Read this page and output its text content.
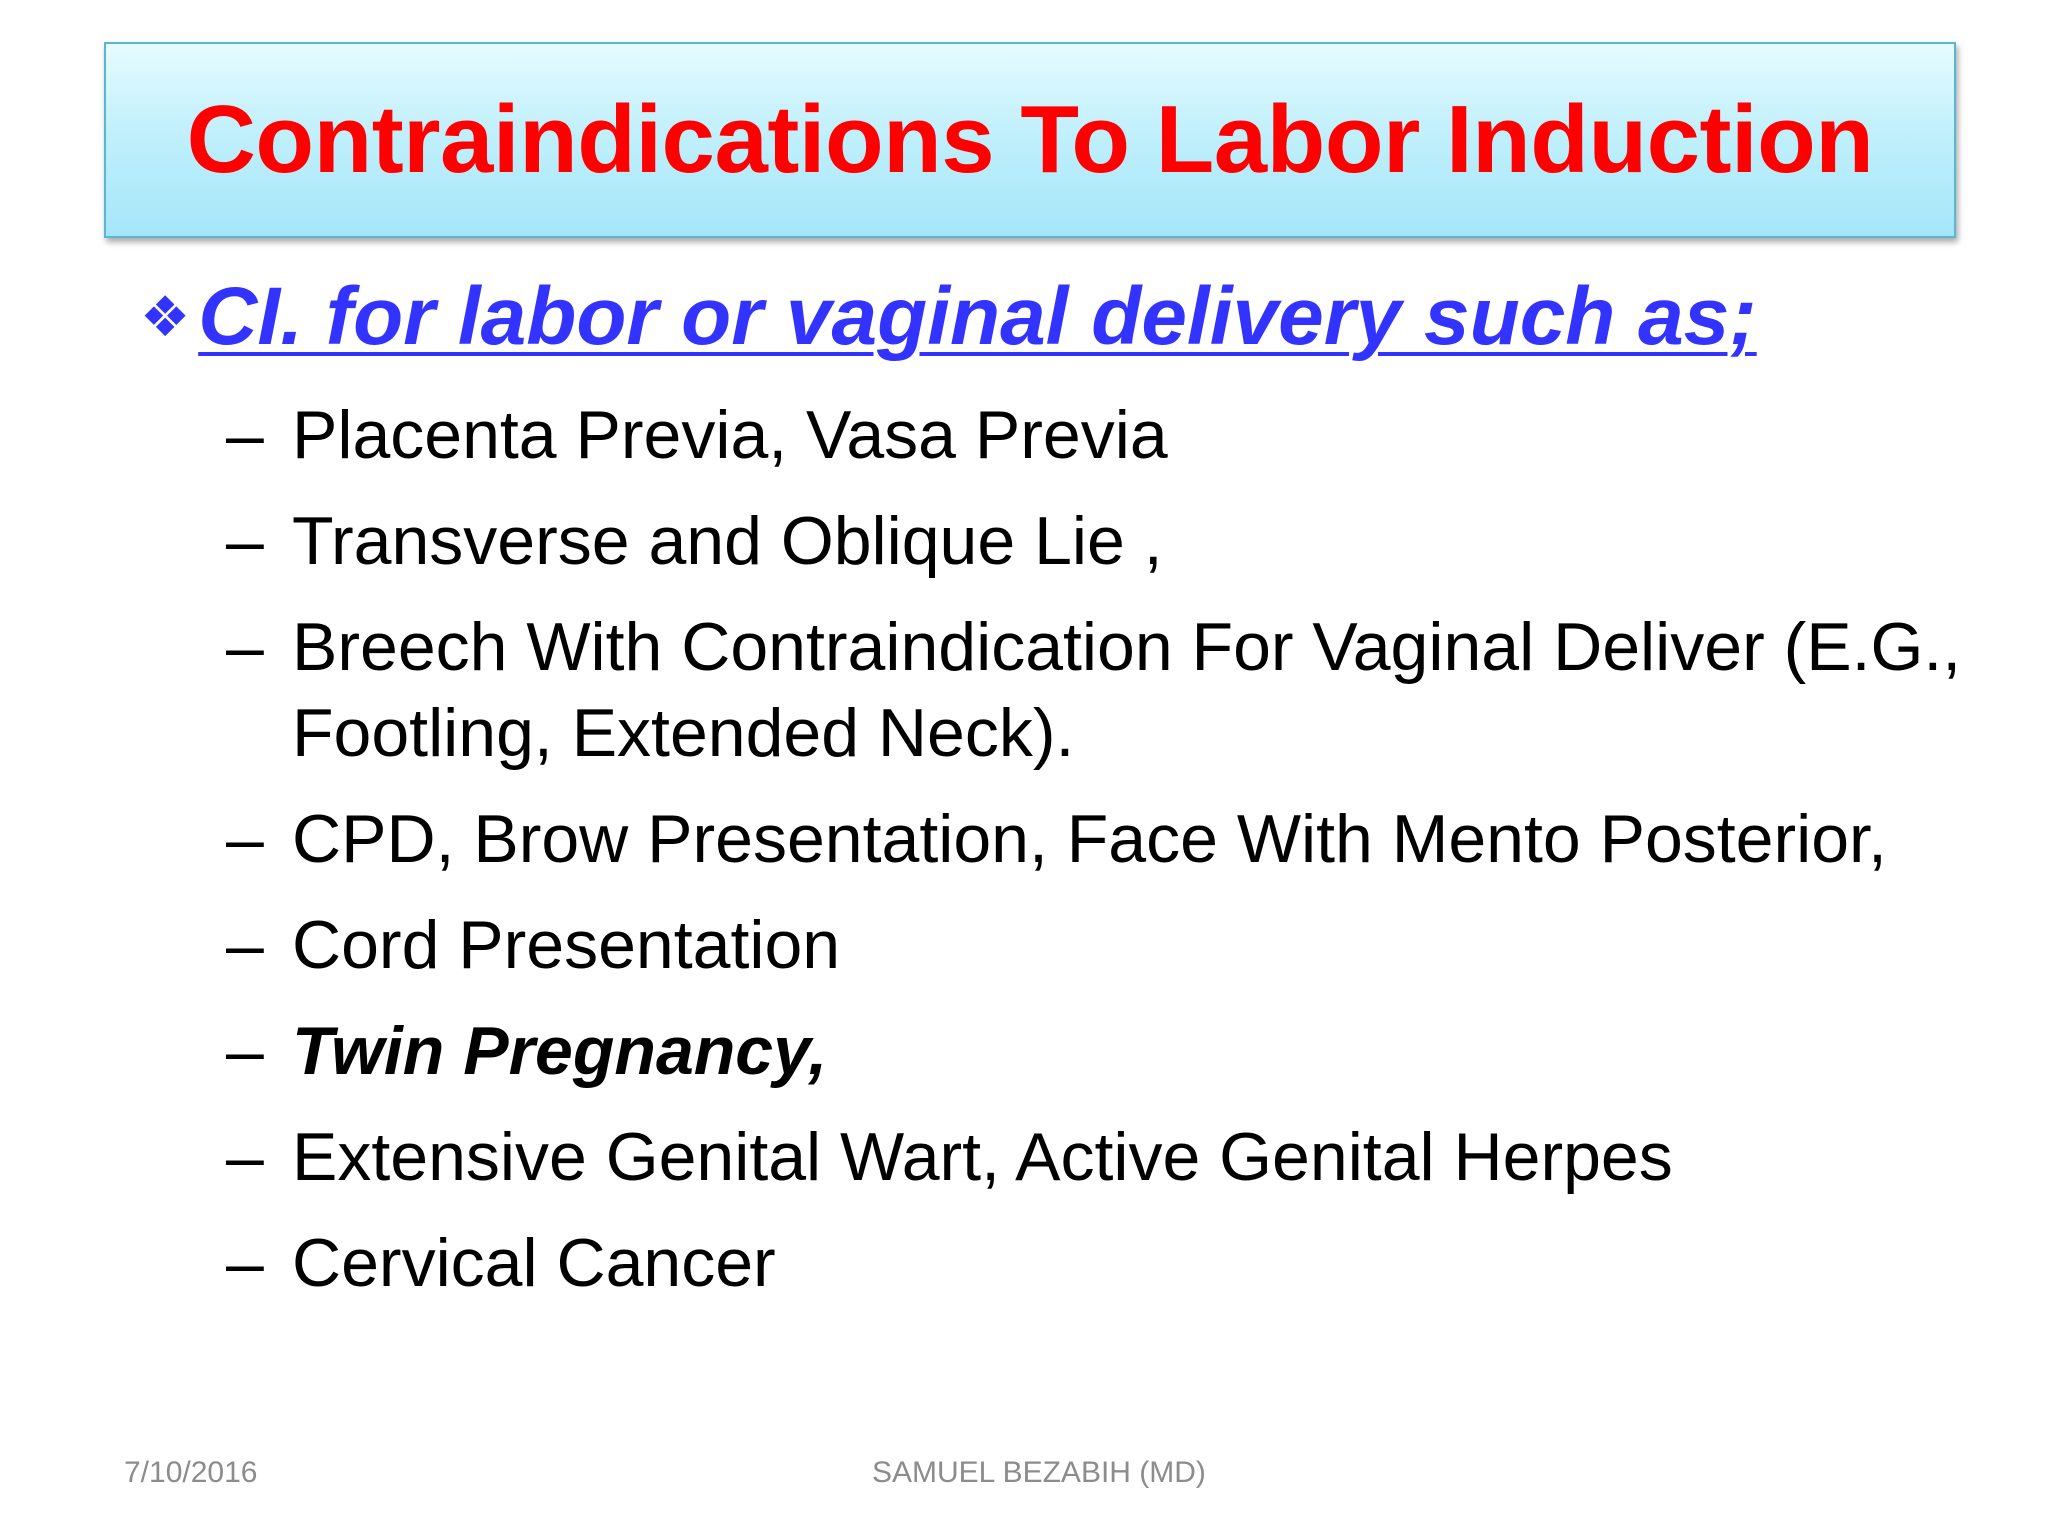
Contraindications To Labor Induction
❖ CI. for labor or vaginal delivery such as;
– Placenta Previa, Vasa Previa
– Transverse and Oblique Lie ,
– Breech With Contraindication For Vaginal Deliver (E.G., Footling, Extended Neck).
– CPD, Brow Presentation, Face With Mento Posterior,
– Cord Presentation
– Twin Pregnancy,
– Extensive Genital Wart, Active Genital Herpes
– Cervical Cancer
7/10/2016	SAMUEL BEZABIH (MD)
